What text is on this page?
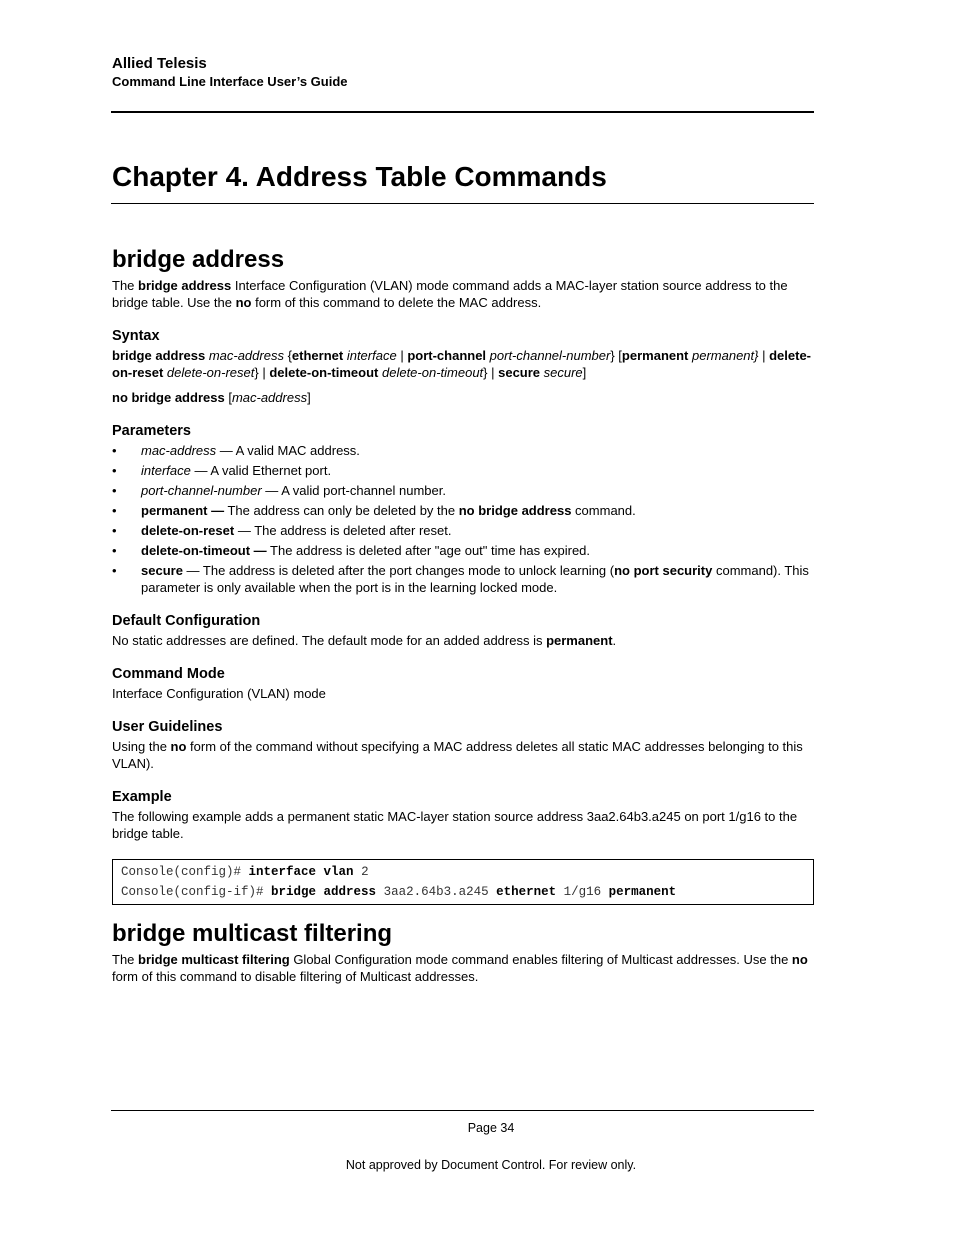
Allied Telesis
Command Line Interface User’s Guide
Chapter 4. Address Table Commands
bridge address

The bridge address Interface Configuration (VLAN) mode command adds a MAC-layer station source address to the bridge table. Use the no form of this command to delete the MAC address.

Syntax

bridge address mac-address {ethernet interface | port-channel port-channel-number} [permanent permanent} | delete-on-reset delete-on-reset} | delete-on-timeout delete-on-timeout} | secure secure]

no bridge address [mac-address]

Parameters
• mac-address — A valid MAC address.
• interface — A valid Ethernet port.
• port-channel-number — A valid port-channel number.
• permanent — The address can only be deleted by the no bridge address command.
• delete-on-reset — The address is deleted after reset.
• delete-on-timeout — The address is deleted after "age out" time has expired.
• secure — The address is deleted after the port changes mode to unlock learning (no port security command). This parameter is only available when the port is in the learning locked mode.
Default Configuration

No static addresses are defined. The default mode for an added address is permanent.

Command Mode

Interface Configuration (VLAN) mode

User Guidelines

Using the no form of the command without specifying a MAC address deletes all static MAC addresses belonging to this VLAN).

Example

The following example adds a permanent static MAC-layer station source address 3aa2.64b3.a245 on port 1/g16 to the bridge table.

Console(config)# interface vlan 2
Console(config-if)# bridge address 3aa2.64b3.a245 ethernet 1/g16 permanent
bridge multicast filtering

The bridge multicast filtering Global Configuration mode command enables filtering of Multicast addresses. Use the no form of this command to disable filtering of Multicast addresses.

Page 34
Not approved by Document Control. For review only.
